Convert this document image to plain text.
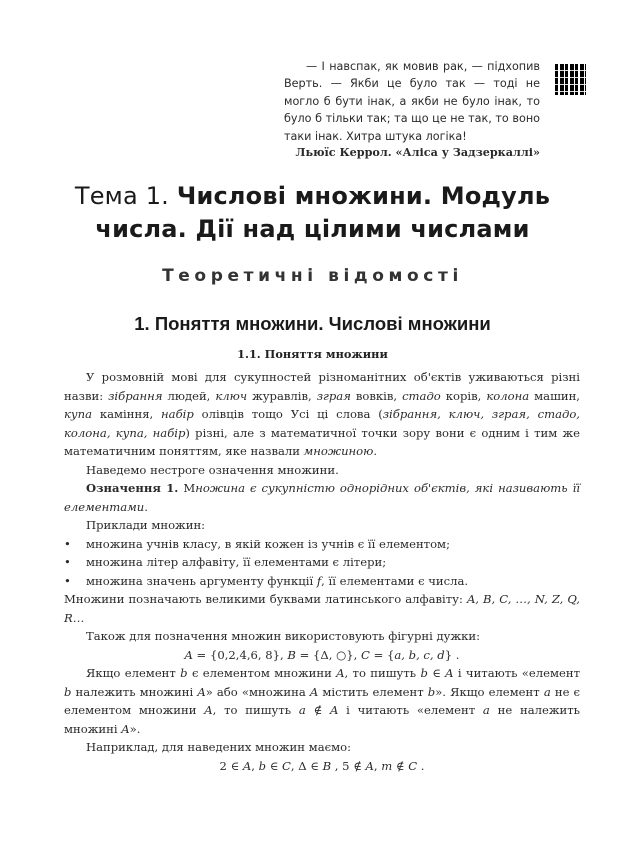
— І навспак, як мовив рак, — підхопив Верть. — Якби це було так — тоді не могло б бути інак, а якби не було інак, то було б тільки так; та що це не так, то воно таки інак. Хитра штука логіка!

Льюїс Керрол. «Аліса у Задзеркаллі»
Тема 1. Числові множини. Модуль
числа. Дії над цілими числами
Теоретичні відомості
1. Поняття множини. Числові множини
1.1. Поняття множини

У розмовній мові для сукупностей різноманітних об'єктів уживаються різні назви: зібрання людей, ключ журавлів, зграя вовків, стадо корів, колона машин, купа каміння, набір олівців тощо Усі ці слова (зібрання, ключ, зграя, стадо, колона, купа, набір) різні, але з математичної точки зору вони є одним і тим же математичним поняттям, яке назвали множиною.

Наведемо нестроге означення множини.

Означення 1. Множина є сукупністю однорідних об'єктів, які називають її елементами.

Приклади множин:

• множина учнів класу, в якій кожен із учнів є її елементом;

• множина літер алфавіту, її елементами є літери;

• множина значень аргументу функції f, її елементами є числа.

Множини позначають великими буквами латинського алфавіту: A, B, C, …, N, Z, Q, R…

Також для позначення множин використовують фігурні дужки:

A = {0,2,4,6, 8}, B = {Δ, ○}, C = {a, b, c, d} .

Якщо елемент b є елементом множини A, то пишуть b ∈ A і читають «елемент b належить множині A» або «множина A містить елемент b». Якщо елемент a не є елементом множини A, то пишуть a ∉ A і читають «елемент a не належить множині A».

Наприклад, для наведених множин маємо:

2 ∈ A, b ∈ C, Δ ∈ B , 5 ∉ A, m ∉ C .
